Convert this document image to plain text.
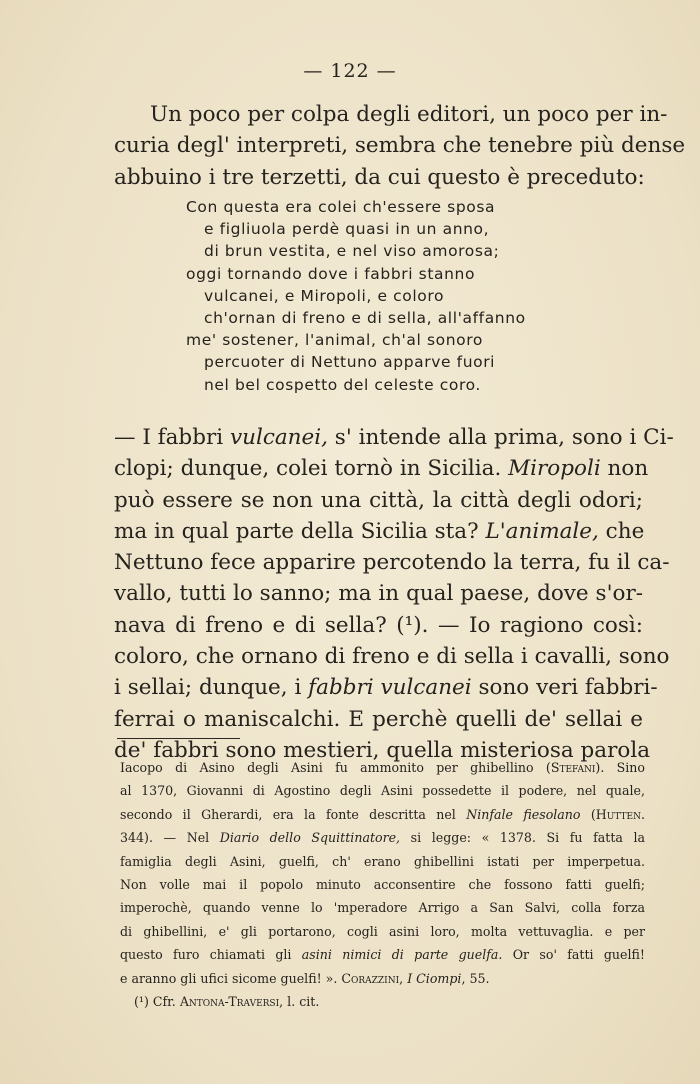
— 122 —
Un poco per colpa degli editori, un poco per in-
curia degl' interpreti, sembra che tenebre più dense
abbuino i tre terzetti, da cui questo è preceduto:
Con questa era colei ch'essere sposa
e figliuola perdè quasi in un anno,
di brun vestita, e nel viso amorosa;
oggi tornando dove i fabbri stanno
vulcanei, e Miropoli, e coloro
ch'ornan di freno e di sella, all'affanno
me' sostener, l'animal, ch'al sonoro
percuoter di Nettuno apparve fuori
nel bel cospetto del celeste coro.
— I fabbri vulcanei, s' intende alla prima, sono i Ci-
clopi; dunque, colei tornò in Sicilia. Miropoli non
può essere se non una città, la città degli odori;
ma in qual parte della Sicilia sta? L'animale, che
Nettuno fece apparire percotendo la terra, fu il ca-
vallo, tutti lo sanno; ma in qual paese, dove s'or-
nava di freno e di sella? (¹). — Io ragiono così:
coloro, che ornano di freno e di sella i cavalli, sono
i sellai; dunque, i fabbri vulcanei sono veri fabbri-
ferrai o maniscalchi. E perchè quelli de' sellai e
de' fabbri sono mestieri, quella misteriosa parola
Iacopo di Asino degli Asini fu ammonito per ghibellino (Stefani). Sino
al 1370, Giovanni di Agostino degli Asini possedette il podere, nel quale,
secondo il Gherardi, era la fonte descritta nel Ninfale fiesolano (Hutten.
344). — Nel Diario dello Squittinatore, si legge: « 1378. Si fu fatta la
famiglia degli Asini, guelfi, ch' erano ghibellini istati per imperpetua.
Non volle mai il popolo minuto acconsentire che fossono fatti guelfi;
imperochè, quando venne lo 'mperadore Arrigo a San Salvi, colla forza
di ghibellini, e' gli portarono, cogli asini loro, molta vettuvaglia. e per
questo furo chiamati gli asini nimici di parte guelfa. Or so' fatti guelfi!
e aranno gli ufici sicome guelfi! ». Corazzini, I Ciompi, 55.
(¹) Cfr. Antona-Traversi, l. cit.
